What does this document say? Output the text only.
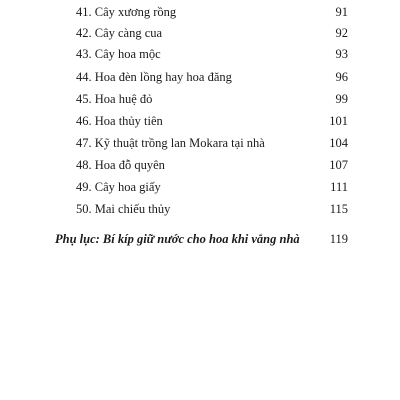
41. Cây xương rồng	91
42. Cây càng cua	92
43. Cây hoa mộc	93
44. Hoa đèn lồng hay hoa đăng	96
45. Hoa huệ đỏ	99
46. Hoa thủy tiên	101
47. Kỹ thuật trồng lan Mokara tại nhà	104
48. Hoa đỗ quyên	107
49. Cây hoa giấy	111
50. Mai chiếu thủy	115
Phụ lục: Bí kíp giữ nước cho hoa khi vắng nhà 119
